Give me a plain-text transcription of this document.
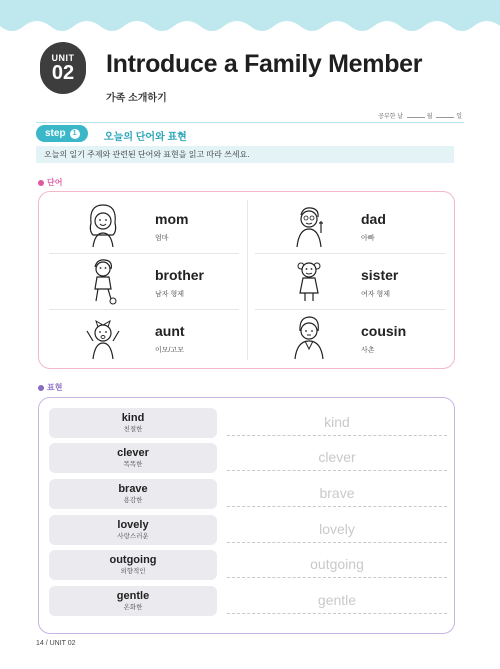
UNIT
02 Introduce a Family Member
가족 소개하기
공부한 날	월	일
step	1	오늘의 단어와 표현
오늘의 일기 주제와 관련된 단어와 표현을 읽고 따라 쓰세요.
단어
mom
엄마
dad
아빠
brother
남자 형제
sister
여자 형제
aunt
이모/고모
cousin
사촌
표현
kind
친절한	kind
clever
똑똑한	clever
brave
용감한	brave
lovely
사랑스러운	lovely
outgoing
외향적인	outgoing
gentle
온화한	gentle
14 / UNIT 02
